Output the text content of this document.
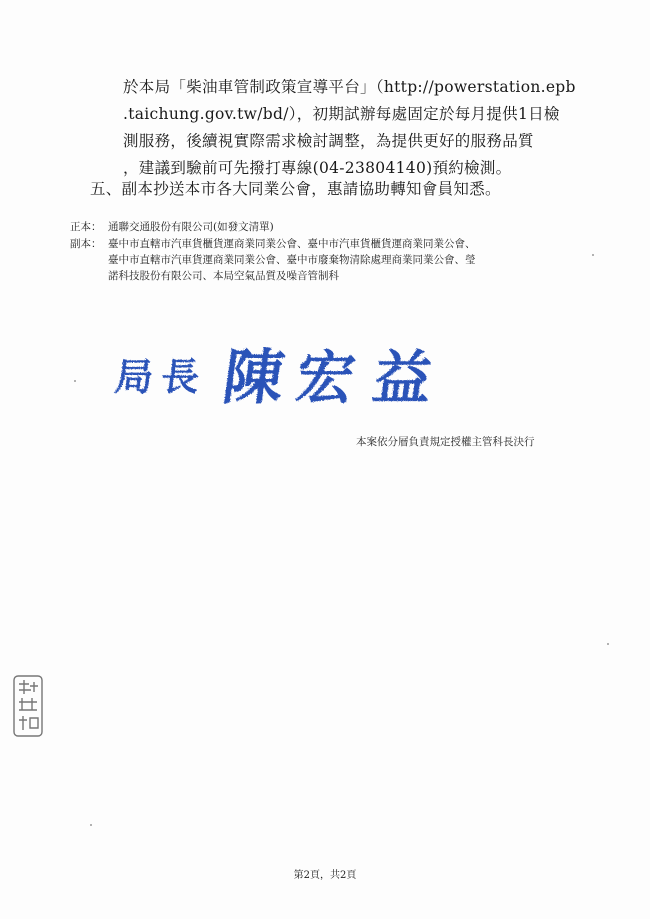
於本局「柴油車管制政策宣導平台」（http://powerstation.epb
.taichung.gov.tw/bd/），初期試辦每處固定於每月提供1日檢
測服務，後續視實際需求檢討調整，為提供更好的服務品質
，建議到驗前可先撥打專線(04-23804140)預約檢測。
五、副本抄送本市各大同業公會，惠請協助轉知會員知悉。
正本： 通聯交通股份有限公司(如發文清單)
副本： 臺中市直轄市汽車貨櫃貨運商業同業公會、臺中市汽車貨櫃貨運商業同業公會、
臺中市直轄市汽車貨運商業同業公會、臺中市廢棄物清除處理商業同業公會、瑩
諾科技股份有限公司、本局空氣品質及噪音管制科
局 長 陳 宏 益
本案依分層負責規定授權主管科長決行
第2頁，共2頁
